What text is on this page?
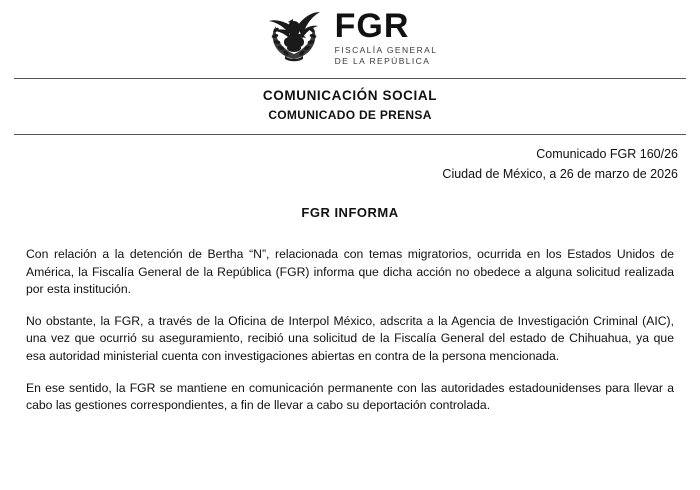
FGR
FISCALÍA GENERAL
DE LA REPÚBLICA
COMUNICACIÓN SOCIAL
COMUNICADO DE PRENSA
Comunicado FGR 160/26
Ciudad de México, a 26 de marzo de 2026
FGR INFORMA

Con relación a la detención de Bertha “N”, relacionada con temas migratorios, ocurrida en los Estados Unidos de América, la Fiscalía General de la República (FGR) informa que dicha acción no obedece a alguna solicitud realizada por esta institución.

No obstante, la FGR, a través de la Oficina de Interpol México, adscrita a la Agencia de Investigación Criminal (AIC), una vez que ocurrió su aseguramiento, recibió una solicitud de la Fiscalía General del estado de Chihuahua, ya que esa autoridad ministerial cuenta con investigaciones abiertas en contra de la persona mencionada.

En ese sentido, la FGR se mantiene en comunicación permanente con las autoridades estadounidenses para llevar a cabo las gestiones correspondientes, a fin de llevar a cabo su deportación controlada.
